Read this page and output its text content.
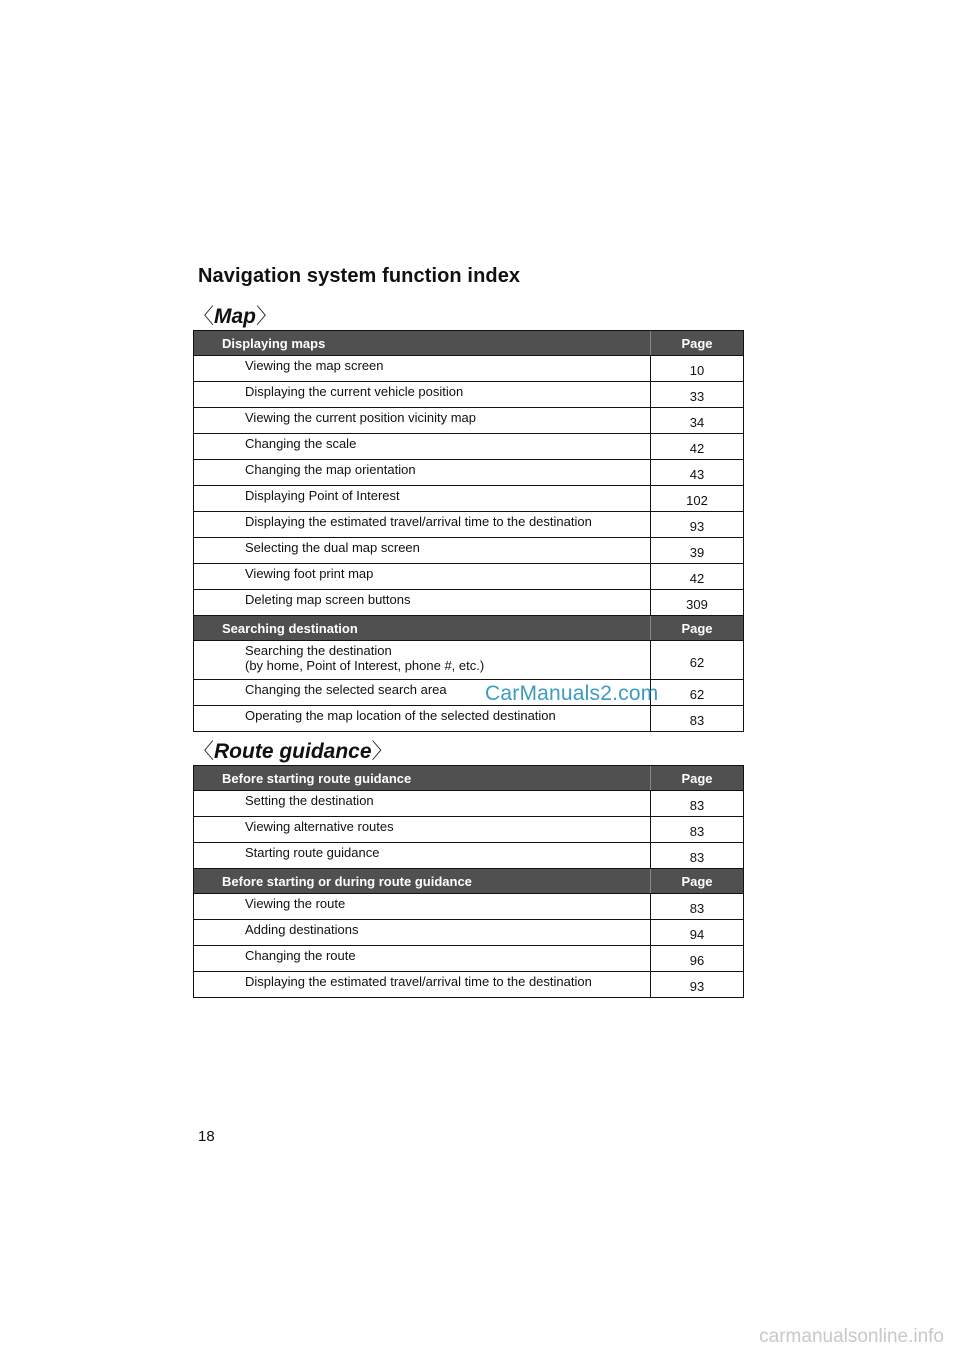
Navigation system function index
〈Map〉
Displaying maps	Page
Viewing the map screen	10
Displaying the current vehicle position	33
Viewing the current position vicinity map	34
Changing the scale	42
Changing the map orientation	43
Displaying Point of Interest	102
Displaying the estimated travel/arrival time to the destination	93
Selecting the dual map screen	39
Viewing foot print map	42
Deleting map screen buttons	309
Searching destination	Page
Searching the destination
(by home, Point of Interest, phone #, etc.)	62
Changing the selected search area	62
Operating the map location of the selected destination	83
CarManuals2.com
〈Route guidance〉
Before starting route guidance	Page
Setting the destination	83
Viewing alternative routes	83
Starting route guidance	83
Before starting or during route guidance	Page
Viewing the route	83
Adding destinations	94
Changing the route	96
Displaying the estimated travel/arrival time to the destination	93
18
carmanualsonline.info
